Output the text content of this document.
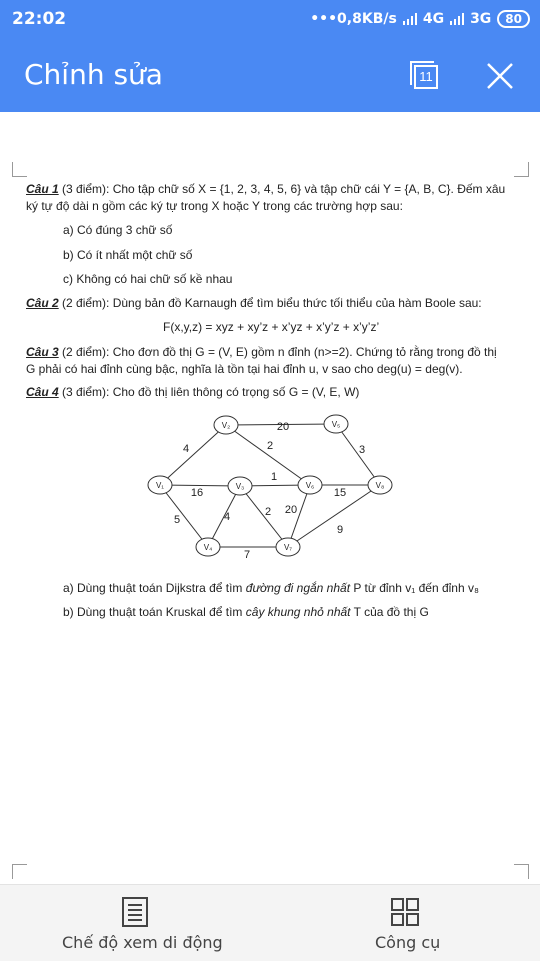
22:02	•••0,8KB/s 4G 3G	80
Chỉnh sửa	11
Câu 1 (3 điểm): Cho tập chữ số X = {1, 2, 3, 4, 5, 6} và tập chữ cái Y = {A, B, C}. Đếm xâu
ký tự độ dài n gồm các ký tự trong X hoặc Y trong các trường hợp sau:
a) Có đúng 3 chữ số
b) Có ít nhất một chữ số
c) Không có hai chữ số kề nhau
Câu 2 (2 điểm): Dùng bản đồ Karnaugh để tìm biểu thức tối thiểu của hàm Boole sau:
F(x,y,z) = xyz + xy’z + x’yz + x’y’z + x’y’z’
Câu 3 (2 điểm): Cho đơn đồ thị G = (V, E) gồm n đỉnh (n>=2). Chứng tỏ rằng trong đồ thị
G phải có hai đỉnh cùng bậc, nghĩa là tồn tại hai đỉnh u, v sao cho deg(u) = deg(v).
Câu 4 (3 điểm): Cho đồ thị liên thông có trọng số G = (V, E, W)
4
20
2	3
16
1
15
5	4	2 20
7
9
V₁
V₂
V₃
V₄
V₅
V₆
V₇
V₈
a) Dùng thuật toán Dijkstra để tìm đường đi ngắn nhất P từ đỉnh v₁ đến đỉnh v₈
b) Dùng thuật toán Kruskal để tìm cây khung nhỏ nhất T của đồ thị G
Chế độ xem di động	Công cụ
